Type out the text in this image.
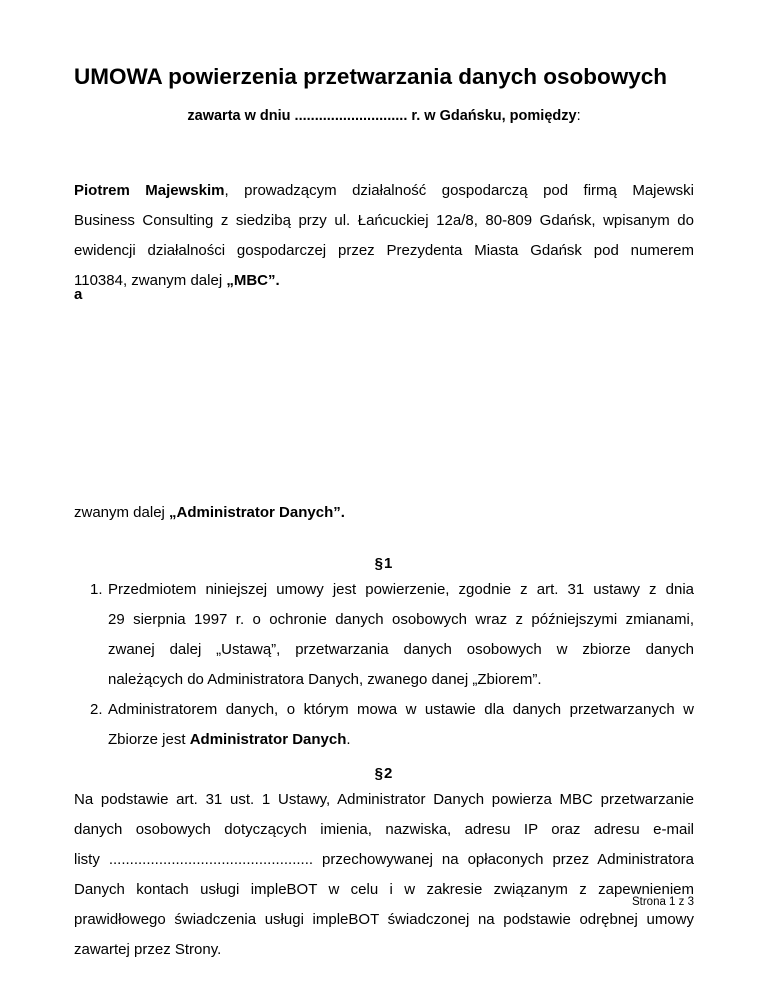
UMOWA powierzenia przetwarzania danych osobowych
zawarta w dniu ............................ r. w Gdańsku, pomiędzy:
Piotrem Majewskim, prowadzącym działalność gospodarczą pod firmą Majewski
Business Consulting z siedzibą przy ul. Łańcuckiej 12a/8, 80-809 Gdańsk, wpisanym do
ewidencji działalności gospodarczej przez Prezydenta Miasta Gdańsk pod numerem
110384, zwanym dalej „MBC”.
a
zwanym dalej „Administrator Danych”.
§1
1. Przedmiotem niniejszej umowy jest powierzenie, zgodnie z art. 31 ustawy z dnia
29 sierpnia 1997 r. o ochronie danych osobowych wraz z późniejszymi zmianami,
zwanej dalej „Ustawą”, przetwarzania danych osobowych w zbiorze danych
należących do Administratora Danych, zwanego danej „Zbiorem”.
2. Administratorem danych, o którym mowa w ustawie dla danych przetwarzanych w
Zbiorze jest Administrator Danych.
§2
Na podstawie art. 31 ust. 1 Ustawy, Administrator Danych powierza MBC przetwarzanie
danych osobowych dotyczących imienia, nazwiska, adresu IP oraz adresu e-mail
listy ................................................. przechowywanej na opłaconych przez Administratora
Danych kontach usługi impleBOT w celu i w zakresie związanym z zapewnieniem
prawidłowego świadczenia usługi impleBOT świadczonej na podstawie odrębnej umowy
zawartej przez Strony.
Strona 1 z 3
